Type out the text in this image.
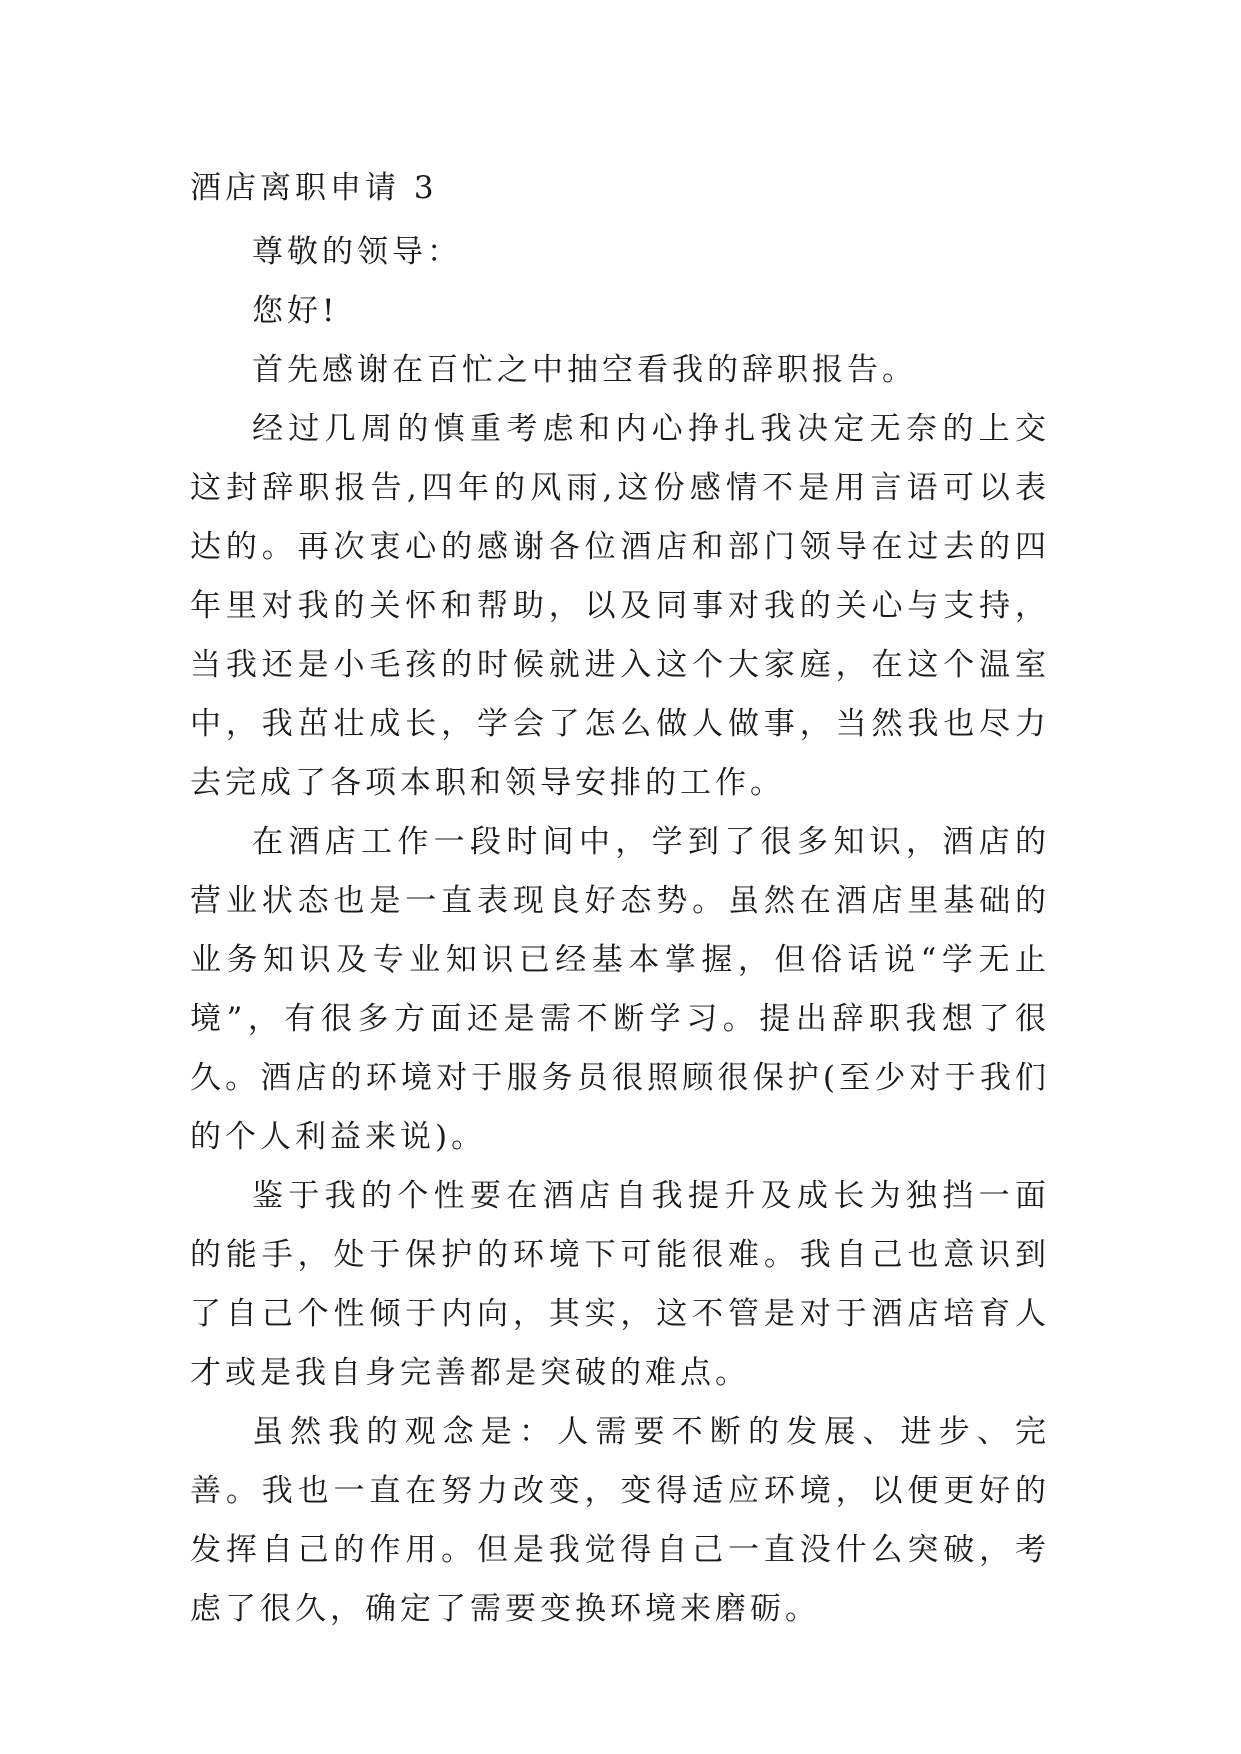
酒店离职申请 3

尊敬的领导：

您好!

首先感谢在百忙之中抽空看我的辞职报告。

经过几周的慎重考虑和内心挣扎我决定无奈的上交这封辞职报告,四年的风雨,这份感情不是用言语可以表达的。再次衷心的感谢各位酒店和部门领导在过去的四年里对我的关怀和帮助，以及同事对我的关心与支持，当我还是小毛孩的时候就进入这个大家庭，在这个温室中，我茁壮成长，学会了怎么做人做事，当然我也尽力去完成了各项本职和领导安排的工作。

在酒店工作一段时间中，学到了很多知识，酒店的营业状态也是一直表现良好态势。虽然在酒店里基础的业务知识及专业知识已经基本掌握，但俗话说“学无止境”，有很多方面还是需不断学习。提出辞职我想了很久。酒店的环境对于服务员很照顾很保护(至少对于我们的个人利益来说)。

鉴于我的个性要在酒店自我提升及成长为独挡一面的能手，处于保护的环境下可能很难。我自己也意识到了自己个性倾于内向，其实，这不管是对于酒店培育人才或是我自身完善都是突破的难点。

虽然我的观念是：人需要不断的发展、进步、完善。我也一直在努力改变，变得适应环境，以便更好的发挥自己的作用。但是我觉得自己一直没什么突破，考虑了很久，确定了需要变换环境来磨砺。
